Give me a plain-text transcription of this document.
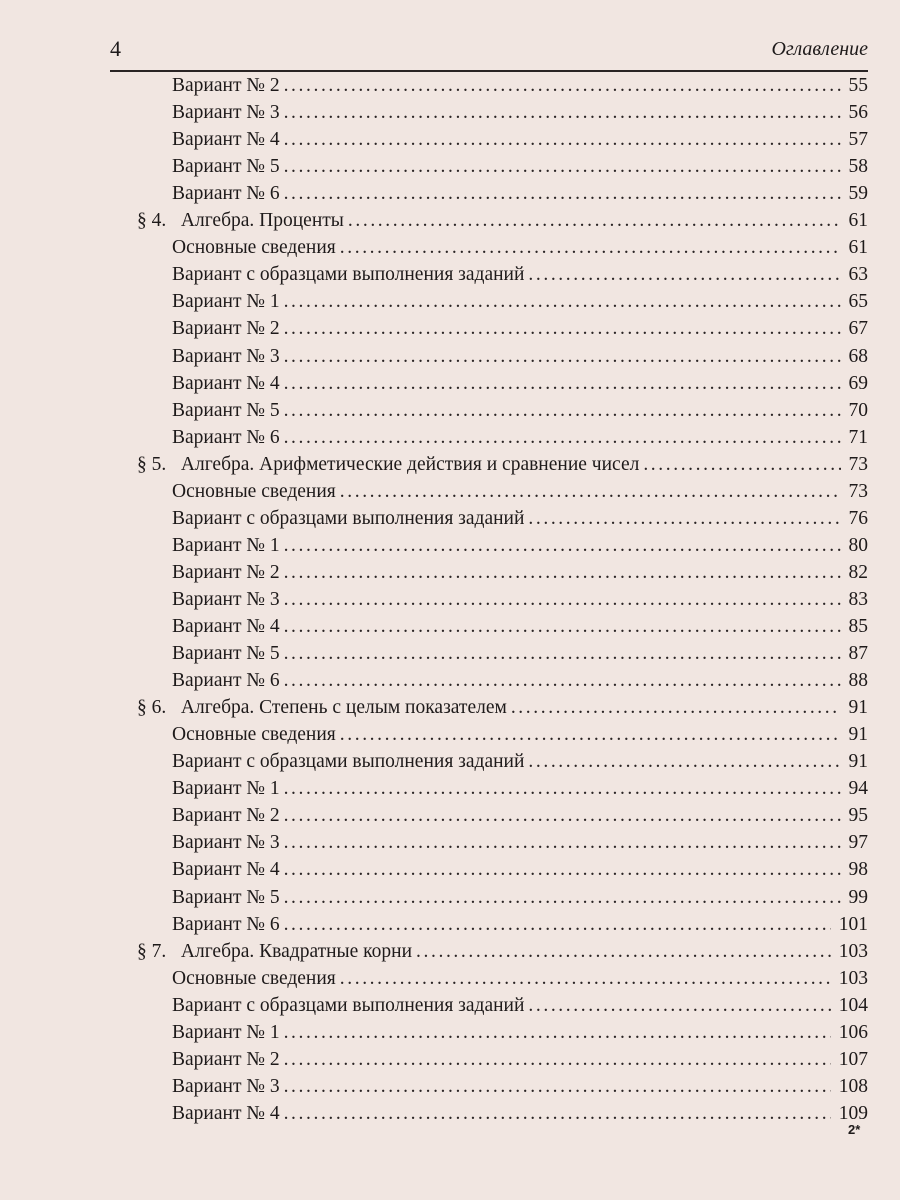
4	Оглавление
Вариант № 2 .....	55
Вариант № 3 .....	56
Вариант № 4 .....	57
Вариант № 5 .....	58
Вариант № 6 .....	59
§ 4.   Алгебра. Проценты .....	61
Основные сведения .....	61
Вариант с образцами выполнения заданий .....	63
Вариант № 1 .....	65
Вариант № 2 .....	67
Вариант № 3 .....	68
Вариант № 4 .....	69
Вариант № 5 .....	70
Вариант № 6 .....	71
§ 5.   Алгебра. Арифметические действия и сравнение чисел .....	73
Основные сведения .....	73
Вариант с образцами выполнения заданий .....	76
Вариант № 1 .....	80
Вариант № 2 .....	82
Вариант № 3 .....	83
Вариант № 4 .....	85
Вариант № 5 .....	87
Вариант № 6 .....	88
§ 6.   Алгебра. Степень с целым показателем .....	91
Основные сведения .....	91
Вариант с образцами выполнения заданий .....	91
Вариант № 1 .....	94
Вариант № 2 .....	95
Вариант № 3 .....	97
Вариант № 4 .....	98
Вариант № 5 .....	99
Вариант № 6 .....	101
§ 7.   Алгебра. Квадратные корни .....	103
Основные сведения .....	103
Вариант с образцами выполнения заданий .....	104
Вариант № 1 .....	106
Вариант № 2 .....	107
Вариант № 3 .....	108
Вариант № 4 .....	109
2*
